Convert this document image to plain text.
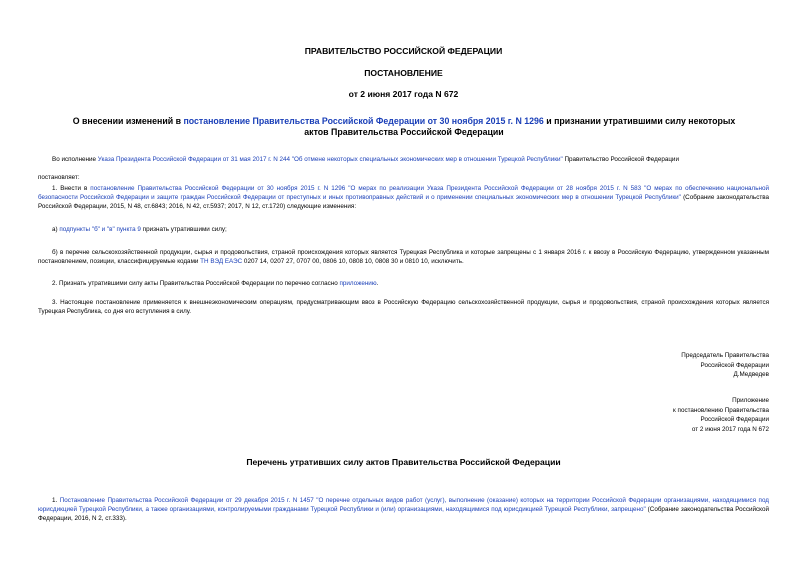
ПРАВИТЕЛЬСТВО РОССИЙСКОЙ ФЕДЕРАЦИИ
ПОСТАНОВЛЕНИЕ
от 2 июня 2017 года N 672
О внесении изменений в постановление Правительства Российской Федерации от 30 ноября 2015 г. N 1296 и признании утратившими силу некоторых актов Правительства Российской Федерации
Во исполнение Указа Президента Российской Федерации от 31 мая 2017 г. N 244 "Об отмене некоторых специальных экономических мер в отношении Турецкой Республики" Правительство Российской Федерации
постановляет:
1. Внести в постановление Правительства Российской Федерации от 30 ноября 2015 г. N 1296 "О мерах по реализации Указа Президента Российской Федерации от 28 ноября 2015 г. N 583 "О мерах по обеспечению национальной безопасности Российской Федерации и защите граждан Российской Федерации от преступных и иных противоправных действий и о применении специальных экономических мер в отношении Турецкой Республики" (Собрание законодательства Российской Федерации, 2015, N 48, ст.6843; 2016, N 42, ст.5937; 2017, N 12, ст.1720) следующие изменения:
а) подпункты "б" и "в" пункта 9 признать утратившими силу;
б) в перечне сельскохозяйственной продукции, сырья и продовольствия, страной происхождения которых является Турецкая Республика и которые запрещены с 1 января 2016 г. к ввозу в Российскую Федерацию, утвержденном указанным постановлением, позиции, классифицируемые кодами ТН ВЭД ЕАЭС 0207 14, 0207 27, 0707 00, 0806 10, 0808 10, 0808 30 и 0810 10, исключить.
2. Признать утратившими силу акты Правительства Российской Федерации по перечню согласно приложению.
3. Настоящее постановление применяется к внешнеэкономическим операциям, предусматривающим ввоз в Российскую Федерацию сельскохозяйственной продукции, сырья и продовольствия, страной происхождения которых является Турецкая Республика, со дня его вступления в силу.
Председатель Правительства
Российской Федерации
Д.Медведев
Приложение
к постановлению Правительства
Российской Федерации
от 2 июня 2017 года N 672
Перечень утративших силу актов Правительства Российской Федерации
1. Постановление Правительства Российской Федерации от 29 декабря 2015 г. N 1457 "О перечне отдельных видов работ (услуг), выполнение (оказание) которых на территории Российской Федерации организациями, находящимися под юрисдикцией Турецкой Республики, а также организациями, контролируемыми гражданами Турецкой Республики и (или) организациями, находящимися под юрисдикцией Турецкой Республики, запрещено" (Собрание законодательства Российской Федерации, 2016, N 2, ст.333).
